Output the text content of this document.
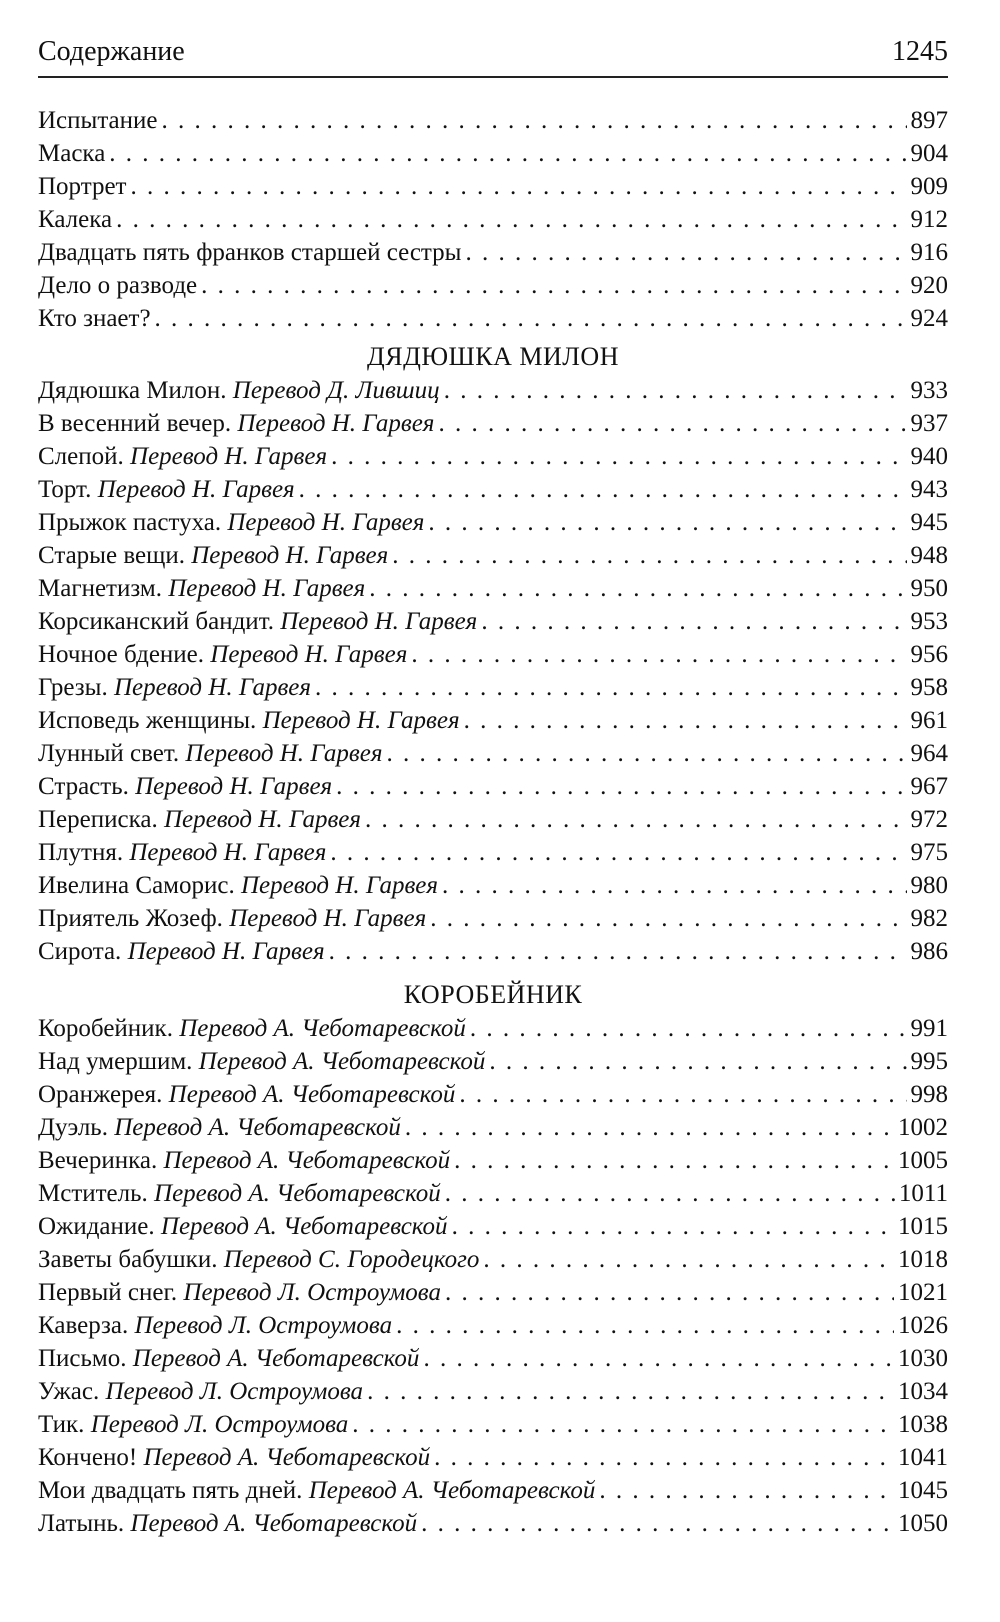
Содержание	1245
Испытание . . .	897
Маска . . .	904
Портрет . . .	909
Калека . . .	912
Двадцать пять франков старшей сестры . . .	916
Дело о разводе . . .	920
Кто знает? . . .	924
ДЯДЮШКА МИЛОН
Дядюшка Милон. Перевод Д. Лившиц . . .	933
В весенний вечер. Перевод Н. Гарвея . . .	937
Слепой. Перевод Н. Гарвея . . .	940
Торт. Перевод Н. Гарвея . . .	943
Прыжок пастуха. Перевод Н. Гарвея . . .	945
Старые вещи. Перевод Н. Гарвея . . .	948
Магнетизм. Перевод Н. Гарвея . . .	950
Корсиканский бандит. Перевод Н. Гарвея . . .	953
Ночное бдение. Перевод Н. Гарвея . . .	956
Грезы. Перевод Н. Гарвея . . .	958
Исповедь женщины. Перевод Н. Гарвея . . .	961
Лунный свет. Перевод Н. Гарвея . . .	964
Страсть. Перевод Н. Гарвея . . .	967
Переписка. Перевод Н. Гарвея . . .	972
Плутня. Перевод Н. Гарвея . . .	975
Ивелина Саморис. Перевод Н. Гарвея . . .	980
Приятель Жозеф. Перевод Н. Гарвея . . .	982
Сирота. Перевод Н. Гарвея . . .	986
КОРОБЕЙНИК
Коробейник. Перевод А. Чеботаревской . . .	991
Над умершим. Перевод А. Чеботаревской . . .	995
Оранжерея. Перевод А. Чеботаревской . . .	998
Дуэль. Перевод А. Чеботаревской . . .	1002
Вечеринка. Перевод А. Чеботаревской . . .	1005
Мститель. Перевод А. Чеботаревской . . .	1011
Ожидание. Перевод А. Чеботаревской . . .	1015
Заветы бабушки. Перевод С. Городецкого . . .	1018
Первый снег. Перевод Л. Остроумова . . .	1021
Каверза. Перевод Л. Остроумова . . .	1026
Письмо. Перевод А. Чеботаревской . . .	1030
Ужас. Перевод Л. Остроумова . . .	1034
Тик. Перевод Л. Остроумова . . .	1038
Кончено! Перевод А. Чеботаревской . . .	1041
Мои двадцать пять дней. Перевод А. Чеботаревской . . .	1045
Латынь. Перевод А. Чеботаревской . . .	1050
